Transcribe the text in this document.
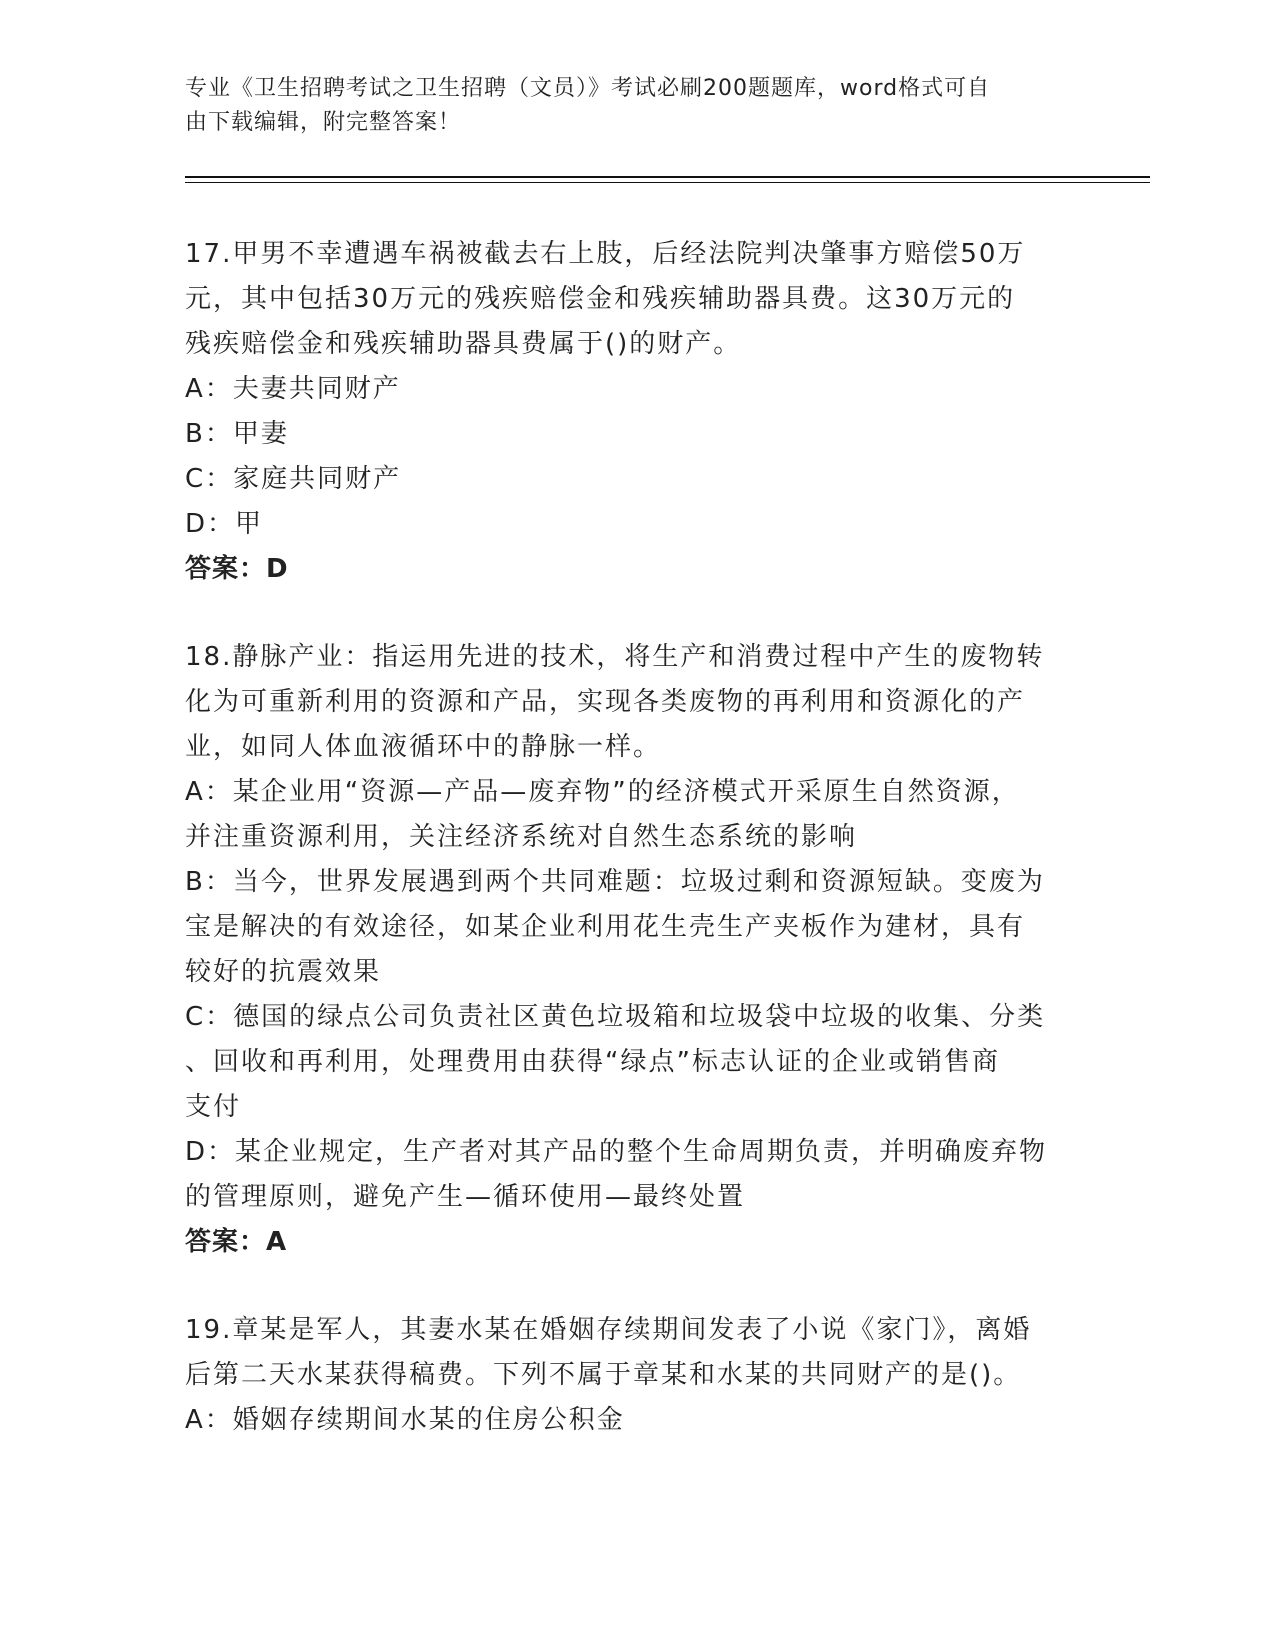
专业《卫生招聘考试之卫生招聘（文员）》考试必刷200题题库，word格式可自
由下载编辑，附完整答案！
17.甲男不幸遭遇车祸被截去右上肢，后经法院判决肇事方赔偿50万
元，其中包括30万元的残疾赔偿金和残疾辅助器具费。这30万元的
残疾赔偿金和残疾辅助器具费属于()的财产。
A：夫妻共同财产
B：甲妻
C：家庭共同财产
D：甲
答案：D
18.静脉产业：指运用先进的技术，将生产和消费过程中产生的废物转
化为可重新利用的资源和产品，实现各类废物的再利用和资源化的产
业，如同人体血液循环中的静脉一样。
A：某企业用“资源—产品—废弃物”的经济模式开采原生自然资源，
并注重资源利用，关注经济系统对自然生态系统的影响
B：当今，世界发展遇到两个共同难题：垃圾过剩和资源短缺。变废为
宝是解决的有效途径，如某企业利用花生壳生产夹板作为建材，具有
较好的抗震效果
C：德国的绿点公司负责社区黄色垃圾箱和垃圾袋中垃圾的收集、分类
、回收和再利用，处理费用由获得“绿点”标志认证的企业或销售商
支付
D：某企业规定，生产者对其产品的整个生命周期负责，并明确废弃物
的管理原则，避免产生—循环使用—最终处置
答案：A
19.章某是军人，其妻水某在婚姻存续期间发表了小说《家门》，离婚
后第二天水某获得稿费。下列不属于章某和水某的共同财产的是()。
A：婚姻存续期间水某的住房公积金
